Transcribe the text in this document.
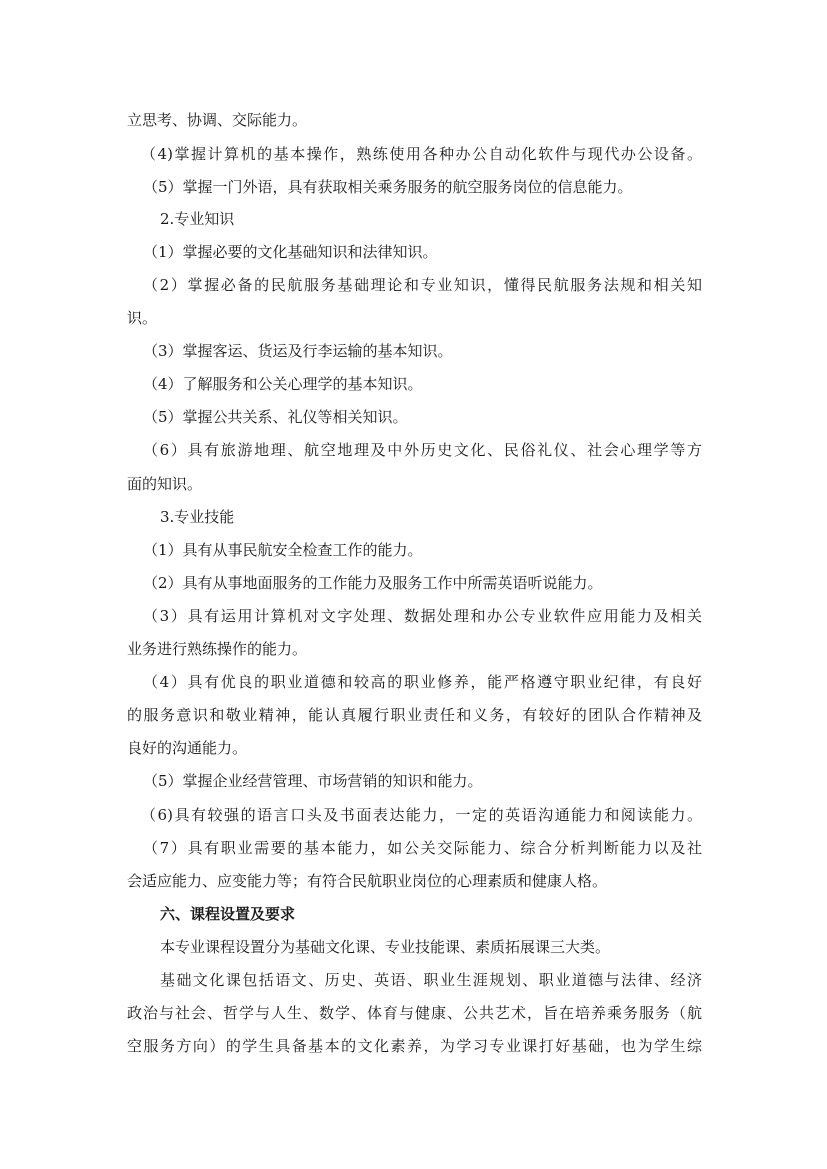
立思考、协调、交际能力。
（4)掌握计算机的基本操作，熟练使用各种办公自动化软件与现代办公设备。
（5）掌握一门外语，具有获取相关乘务服务的航空服务岗位的信息能力。
2.专业知识
（1）掌握必要的文化基础知识和法律知识。
（2）掌握必备的民航服务基础理论和专业知识，懂得民航服务法规和相关知
识。
（3）掌握客运、货运及行李运输的基本知识。
（4）了解服务和公关心理学的基本知识。
（5）掌握公共关系、礼仪等相关知识。
（6）具有旅游地理、航空地理及中外历史文化、民俗礼仪、社会心理学等方
面的知识。
3.专业技能
（1）具有从事民航安全检查工作的能力。
（2）具有从事地面服务的工作能力及服务工作中所需英语听说能力。
（3）具有运用计算机对文字处理、数据处理和办公专业软件应用能力及相关
业务进行熟练操作的能力。
（4）具有优良的职业道德和较高的职业修养，能严格遵守职业纪律，有良好
的服务意识和敬业精神，能认真履行职业责任和义务，有较好的团队合作精神及
良好的沟通能力。
（5）掌握企业经营管理、市场营销的知识和能力。
（6)具有较强的语言口头及书面表达能力，一定的英语沟通能力和阅读能力。
（7）具有职业需要的基本能力，如公关交际能力、综合分析判断能力以及社
会适应能力、应变能力等；有符合民航职业岗位的心理素质和健康人格。
六、课程设置及要求
本专业课程设置分为基础文化课、专业技能课、素质拓展课三大类。
基础文化课包括语文、历史、英语、职业生涯规划、职业道德与法律、经济
政治与社会、哲学与人生、数学、体育与健康、公共艺术，旨在培养乘务服务（航
空服务方向）的学生具备基本的文化素养，为学习专业课打好基础，也为学生综
